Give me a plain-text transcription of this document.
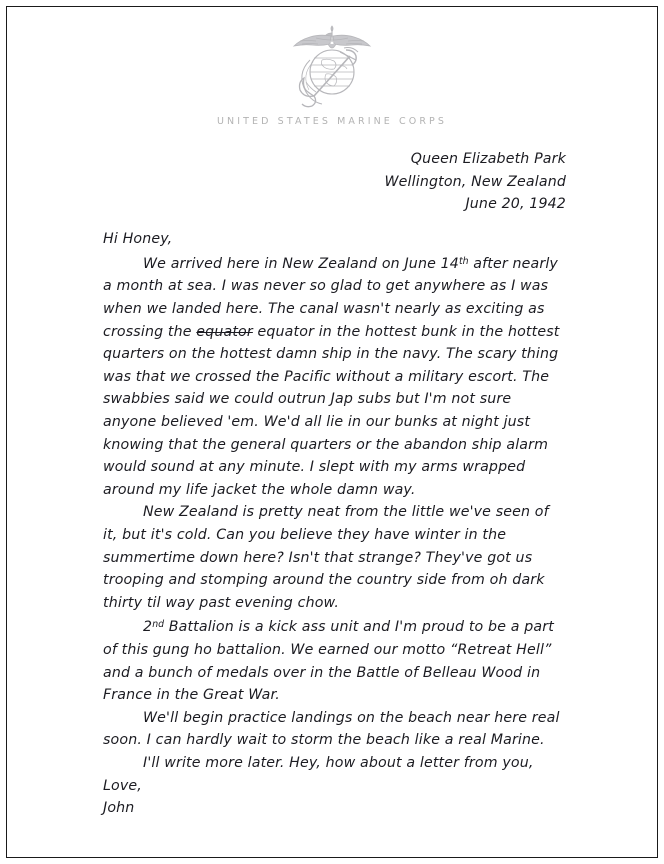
UNITED STATES MARINE CORPS
Queen Elizabeth Park
Wellington, New Zealand
June 20, 1942

Hi Honey,

We arrived here in New Zealand on June 14th after nearly a month at sea. I was never so glad to get anywhere as I was when we landed here. The canal wasn't nearly as exciting as crossing the equator equator in the hottest bunk in the hottest quarters on the hottest damn ship in the navy. The scary thing was that we crossed the Pacific without a military escort. The swabbies said we could outrun Jap subs but I'm not sure anyone believed 'em. We'd all lie in our bunks at night just knowing that the general quarters or the abandon ship alarm would sound at any minute. I slept with my arms wrapped around my life jacket the whole damn way.

New Zealand is pretty neat from the little we've seen of it, but it's cold. Can you believe they have winter in the summertime down here? Isn't that strange? They've got us trooping and stomping around the country side from oh dark thirty til way past evening chow.

2nd Battalion is a kick ass unit and I'm proud to be a part of this gung ho battalion. We earned our motto “Retreat Hell” and a bunch of medals over in the Battle of Belleau Wood in France in the Great War.

We'll begin practice landings on the beach near here real soon. I can hardly wait to storm the beach like a real Marine.

I'll write more later. Hey, how about a letter from you,

Love,

John
